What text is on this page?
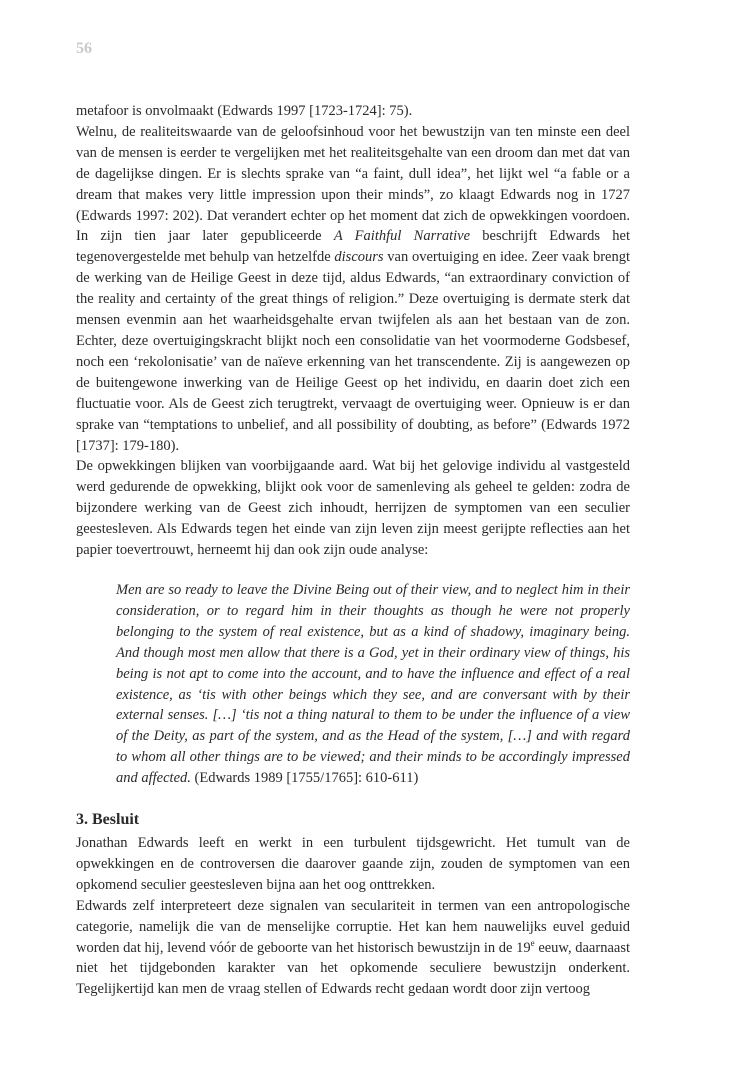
56

metafoor is onvolmaakt (Edwards 1997 [1723-1724]: 75).

Welnu, de realiteitswaarde van de geloofsinhoud voor het bewustzijn van ten minste een deel van de mensen is eerder te vergelijken met het realiteitsgehalte van een droom dan met dat van de dagelijkse dingen. Er is slechts sprake van “a faint, dull idea”, het lijkt wel “a fable or a dream that makes very little impression upon their minds”, zo klaagt Edwards nog in 1727 (Edwards 1997: 202). Dat verandert echter op het moment dat zich de opwekkingen voordoen. In zijn tien jaar later gepubliceerde A Faithful Narrative beschrijft Edwards het tegenovergestelde met behulp van hetzelfde discours van overtuiging en idee. Zeer vaak brengt de werking van de Heilige Geest in deze tijd, aldus Edwards, “an extraordinary conviction of the reality and certainty of the great things of religion.” Deze overtuiging is dermate sterk dat mensen evenmin aan het waarheidsgehalte ervan twijfelen als aan het bestaan van de zon. Echter, deze overtuigingskracht blijkt noch een consolidatie van het voormoderne Godsbesef, noch een ‘rekolonisatie’ van de naïeve erkenning van het transcendente. Zij is aangewezen op de buitengewone inwerking van de Heilige Geest op het individu, en daarin doet zich een fluctuatie voor. Als de Geest zich terugtrekt, vervaagt de overtuiging weer. Opnieuw is er dan sprake van “temptations to unbelief, and all possibility of doubting, as before” (Edwards 1972 [1737]: 179-180).

De opwekkingen blijken van voorbijgaande aard. Wat bij het gelovige individu al vastgesteld werd gedurende de opwekking, blijkt ook voor de samenleving als geheel te gelden: zodra de bijzondere werking van de Geest zich inhoudt, herrijzen de symptomen van een seculier geestesleven. Als Edwards tegen het einde van zijn leven zijn meest gerijpte reflecties aan het papier toevertrouwt, herneemt hij dan ook zijn oude analyse:

Men are so ready to leave the Divine Being out of their view, and to neglect him in their consideration, or to regard him in their thoughts as though he were not properly belonging to the system of real existence, but as a kind of shadowy, imaginary being. And though most men allow that there is a God, yet in their ordinary view of things, his being is not apt to come into the account, and to have the influence and effect of a real existence, as ‘tis with other beings which they see, and are conversant with by their external senses. […] ‘tis not a thing natural to them to be under the influence of a view of the Deity, as part of the system, and as the Head of the system, […] and with regard to whom all other things are to be viewed; and their minds to be accordingly impressed and affected. (Edwards 1989 [1755/1765]: 610-611)
3. Besluit

Jonathan Edwards leeft en werkt in een turbulent tijdsgewricht. Het tumult van de opwekkingen en de controversen die daarover gaande zijn, zouden de symptomen van een opkomend seculier geestesleven bijna aan het oog onttrekken.

Edwards zelf interpreteert deze signalen van seculariteit in termen van een antropologische categorie, namelijk die van de menselijke corruptie. Het kan hem nauwelijks euvel geduid worden dat hij, levend vóór de geboorte van het historisch bewustzijn in de 19e eeuw, daarnaast niet het tijdgebonden karakter van het opkomende seculiere bewustzijn onderkent. Tegelijkertijd kan men de vraag stellen of Edwards recht gedaan wordt door zijn vertoog
